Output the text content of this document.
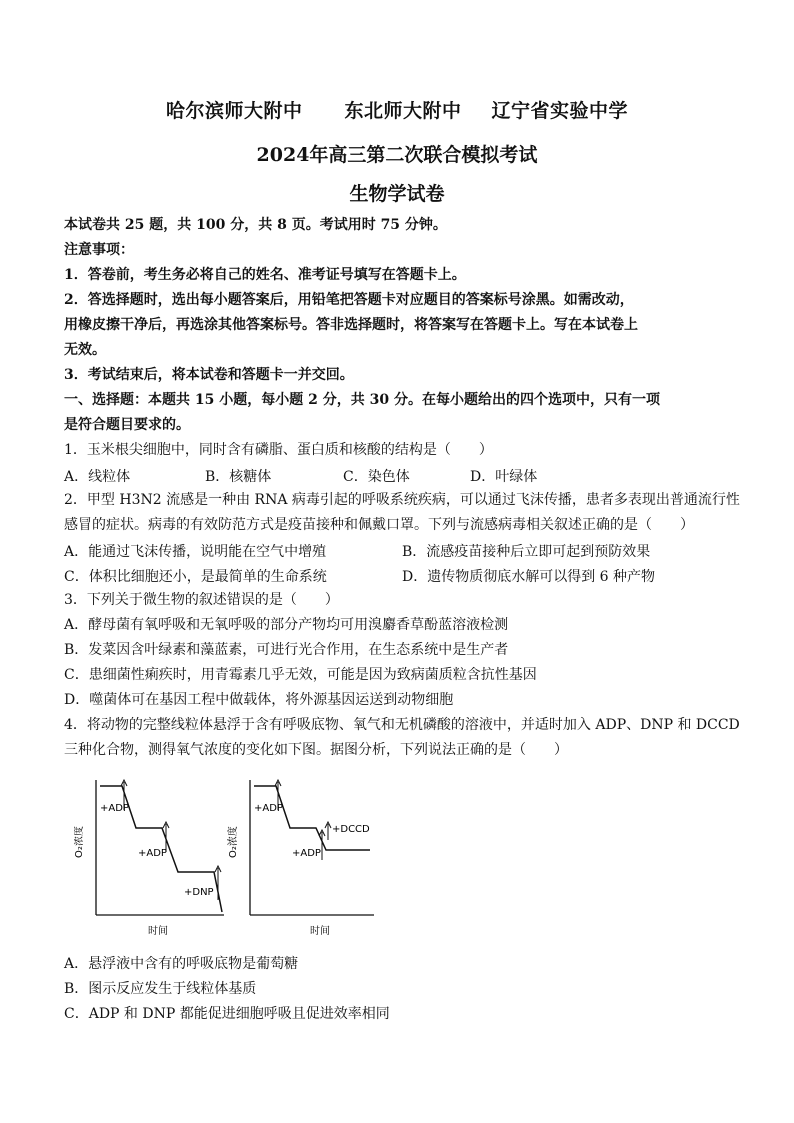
哈尔滨师大附中 东北师大附中 辽宁省实验中学
2024年高三第二次联合模拟考试
生物学试卷
本试卷共 25 题，共 100 分，共 8 页。考试用时 75 分钟。
注意事项：
1．答卷前，考生务必将自己的姓名、准考证号填写在答题卡上。
2．答选择题时，选出每小题答案后，用铅笔把答题卡对应题目的答案标号涂黑。如需改动，
用橡皮擦干净后，再选涂其他答案标号。答非选择题时，将答案写在答题卡上。写在本试卷上
无效。
3．考试结束后，将本试卷和答题卡一并交回。
一、选择题：本题共 15 小题，每小题 2 分，共 30 分。在每小题给出的四个选项中，只有一项
是符合题目要求的。
1．玉米根尖细胞中，同时含有磷脂、蛋白质和核酸的结构是（　　）
A．线粒体	B．核糖体	C．染色体	D．叶绿体
2．甲型 H3N2 流感是一种由 RNA 病毒引起的呼吸系统疾病，可以通过飞沫传播，患者多表现出普通流行性
感冒的症状。病毒的有效防范方式是疫苗接种和佩戴口罩。下列与流感病毒相关叙述正确的是（　　）
A．能通过飞沫传播，说明能在空气中增殖	B．流感疫苗接种后立即可起到预防效果
C．体积比细胞还小，是最简单的生命系统	D．遗传物质彻底水解可以得到 6 种产物
3．下列关于微生物的叙述错误的是（　　）
A．酵母菌有氧呼吸和无氧呼吸的部分产物均可用溴麝香草酚蓝溶液检测
B．发菜因含叶绿素和藻蓝素，可进行光合作用，在生态系统中是生产者
C．患细菌性痢疾时，用青霉素几乎无效，可能是因为致病菌质粒含抗性基因
D．噬菌体可在基因工程中做载体，将外源基因运送到动物细胞
4．将动物的完整线粒体悬浮于含有呼吸底物、氧气和无机磷酸的溶液中，并适时加入 ADP、DNP 和 DCCD
三种化合物，测得氧气浓度的变化如下图。据图分析，下列说法正确的是（　　）
O₂浓度
时间
+ADP
+ADP
+DNP
O₂浓度
时间
+ADP
+DCCD
+ADP
A．悬浮液中含有的呼吸底物是葡萄糖
B．图示反应发生于线粒体基质
C．ADP 和 DNP 都能促进细胞呼吸且促进效率相同
